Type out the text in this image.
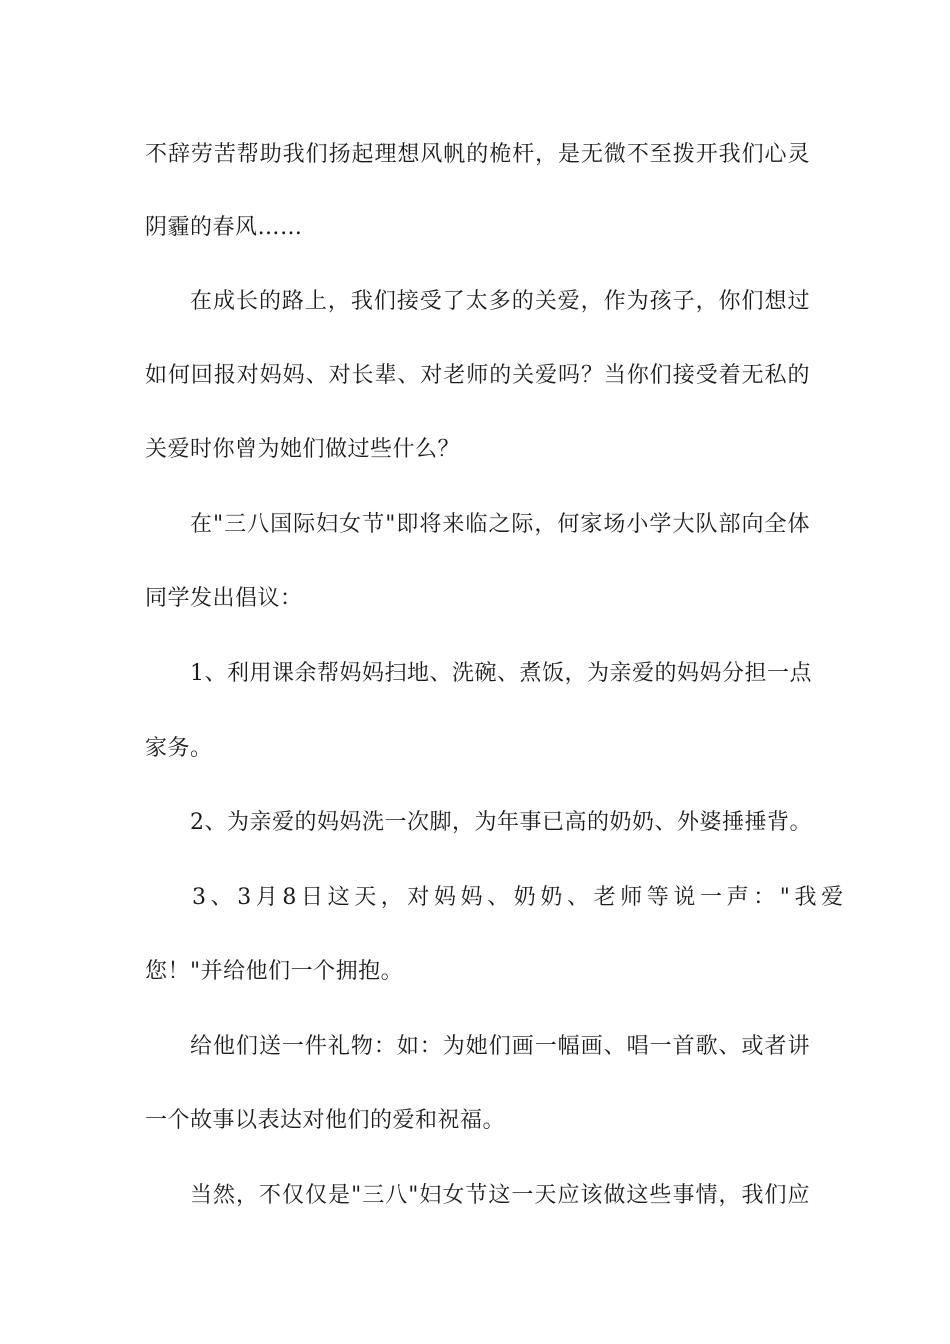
不辞劳苦帮助我们扬起理想风帆的桅杆，是无微不至拨开我们心灵
阴霾的春风……
在成长的路上，我们接受了太多的关爱，作为孩子，你们想过
如何回报对妈妈、对长辈、对老师的关爱吗？当你们接受着无私的
关爱时你曾为她们做过些什么？
在"三八国际妇女节"即将来临之际，何家场小学大队部向全体
同学发出倡议：
1、利用课余帮妈妈扫地、洗碗、煮饭，为亲爱的妈妈分担一点
家务。
2、为亲爱的妈妈洗一次脚，为年事已高的奶奶、外婆捶捶背。
3、3月8日这天，对妈妈、奶奶、老师等说一声："我爱
您！"并给他们一个拥抱。
给他们送一件礼物：如：为她们画一幅画、唱一首歌、或者讲
一个故事以表达对他们的爱和祝福。
当然，不仅仅是"三八"妇女节这一天应该做这些事情，我们应
